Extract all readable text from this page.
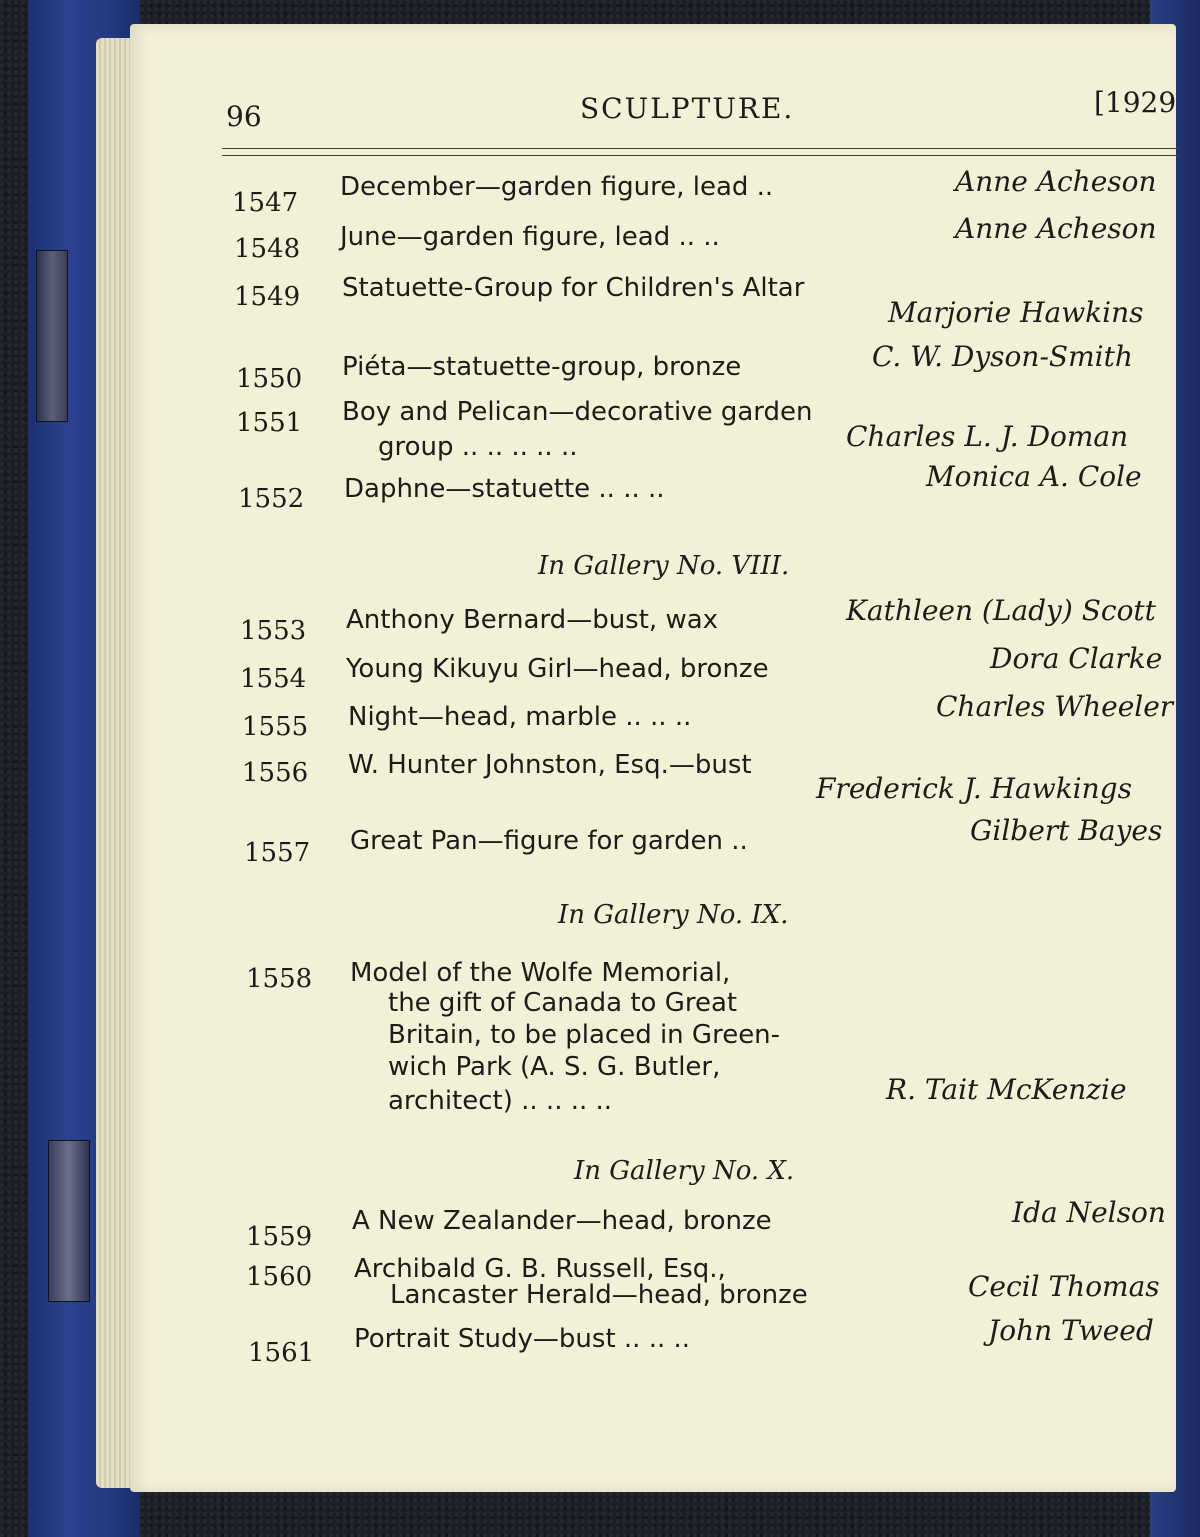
96	SCULPTURE.	[1929
1547
December—garden figure, lead ..	Anne Acheson
1548 June—garden figure, lead .. ..	Anne Acheson
1549 Statuette-Group for Children's Altar
Marjorie Hawkins
1550 Piéta—statuette-group, bronze	C. W. Dyson-Smith
1551 Boy and Pelican—decorative garden
group .. .. .. .. ..	Charles L. J. Doman
1552 Daphne—statuette .. .. ..	Monica A. Cole
In Gallery No. VIII.
1553 Anthony Bernard—bust, wax	Kathleen (Lady) Scott
1554 Young Kikuyu Girl—head, bronze	Dora Clarke
1555 Night—head, marble .. .. ..	Charles Wheeler
1556 W. Hunter Johnston, Esq.—bust
Frederick J. Hawkings
1557 Great Pan—figure for garden ..	Gilbert Bayes
In Gallery No. IX.
1558 Model of the Wolfe Memorial,
the gift of Canada to Great
Britain, to be placed in Green-
wich Park (A. S. G. Butler,
architect) .. .. .. ..	R. Tait McKenzie
In Gallery No. X.
1559
A New Zealander—head, bronze	Ida Nelson
1560 Archibald G. B. Russell, Esq.,
Lancaster Herald—head, bronze	Cecil Thomas
1561 Portrait Study—bust .. .. ..	John Tweed
